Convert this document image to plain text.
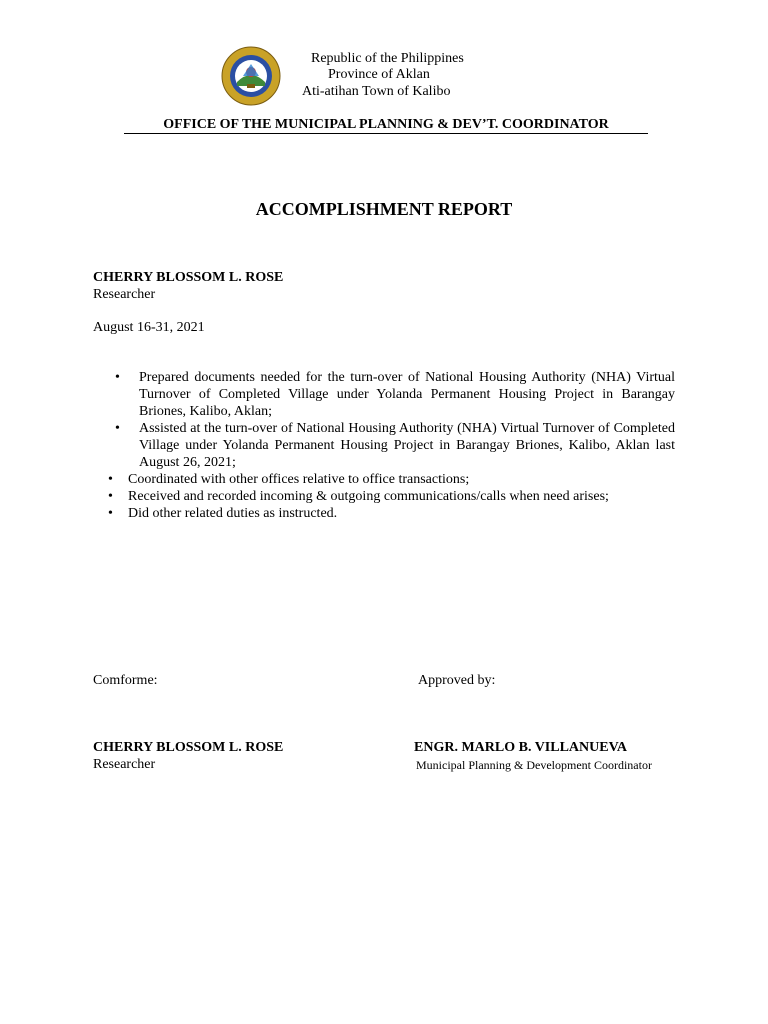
Republic of the Philippines
Province of Aklan
Ati-atihan Town of Kalibo
OFFICE OF THE MUNICIPAL PLANNING & DEV’T. COORDINATOR
ACCOMPLISHMENT REPORT
CHERRY BLOSSOM L. ROSE
Researcher
August 16-31, 2021
• Prepared documents needed for the turn-over of National Housing Authority (NHA) Virtual Turnover of Completed Village under Yolanda Permanent Housing Project in Barangay Briones, Kalibo, Aklan;
• Assisted at the turn-over of National Housing Authority (NHA) Virtual Turnover of Completed Village under Yolanda Permanent Housing Project in Barangay Briones, Kalibo, Aklan last August 26, 2021;
• Coordinated with other offices relative to office transactions;
• Received and recorded incoming & outgoing communications/calls when need arises;
• Did other related duties as instructed.
Comforme:	Approved by:
CHERRY BLOSSOM L. ROSE
Researcher
ENGR. MARLO B. VILLANUEVA
Municipal Planning & Development Coordinator
